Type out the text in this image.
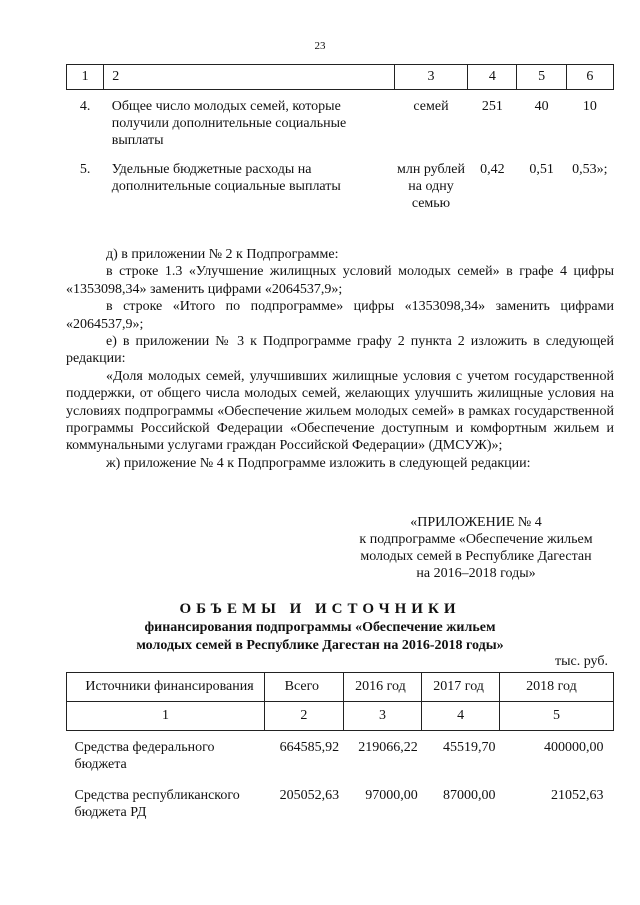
23
1	2	3	4	5	6
4.	Общее число молодых семей, которые получили дополнительные социальные выплаты	семей	251	40	10
5.	Удельные бюджетные расходы на дополнительные социальные выплаты	млн рублей на одну семью	0,42	0,51	0,53»;

д) в приложении № 2 к Подпрограмме:

в строке 1.3 «Улучшение жилищных условий молодых семей» в графе 4 цифры «1353098,34» заменить цифрами «2064537,9»;

в строке «Итого по подпрограмме» цифры «1353098,34» заменить цифрами «2064537,9»;

е) в приложении № 3 к Подпрограмме графу 2 пункта 2 изложить в следующей редакции:

«Доля молодых семей, улучшивших жилищные условия с учетом государственной поддержки, от общего числа молодых семей, желающих улучшить жилищные условия на условиях подпрограммы «Обеспечение жильем молодых семей» в рамках государственной программы Российской Федерации «Обеспечение доступным и комфортным жильем и коммунальными услугами граждан Российской Федерации» (ДМСУЖ)»;

ж) приложение № 4 к Подпрограмме изложить в следующей редакции:

«ПРИЛОЖЕНИЕ № 4
к подпрограмме «Обеспечение жильем
молодых семей в Республике Дагестан
на 2016–2018 годы»
ОБЪЕМЫ И ИСТОЧНИКИ
финансирования подпрограммы «Обеспечение жильем
молодых семей в Республике Дагестан на 2016-2018 годы»
тыс. руб.
Источники финансирования	Всего	2016 год	2017 год	2018 год
1	2	3	4	5
Средства федерального бюджета	664585,92	219066,22	45519,70	400000,00
Средства республиканского бюджета РД	205052,63	97000,00	87000,00	21052,63
